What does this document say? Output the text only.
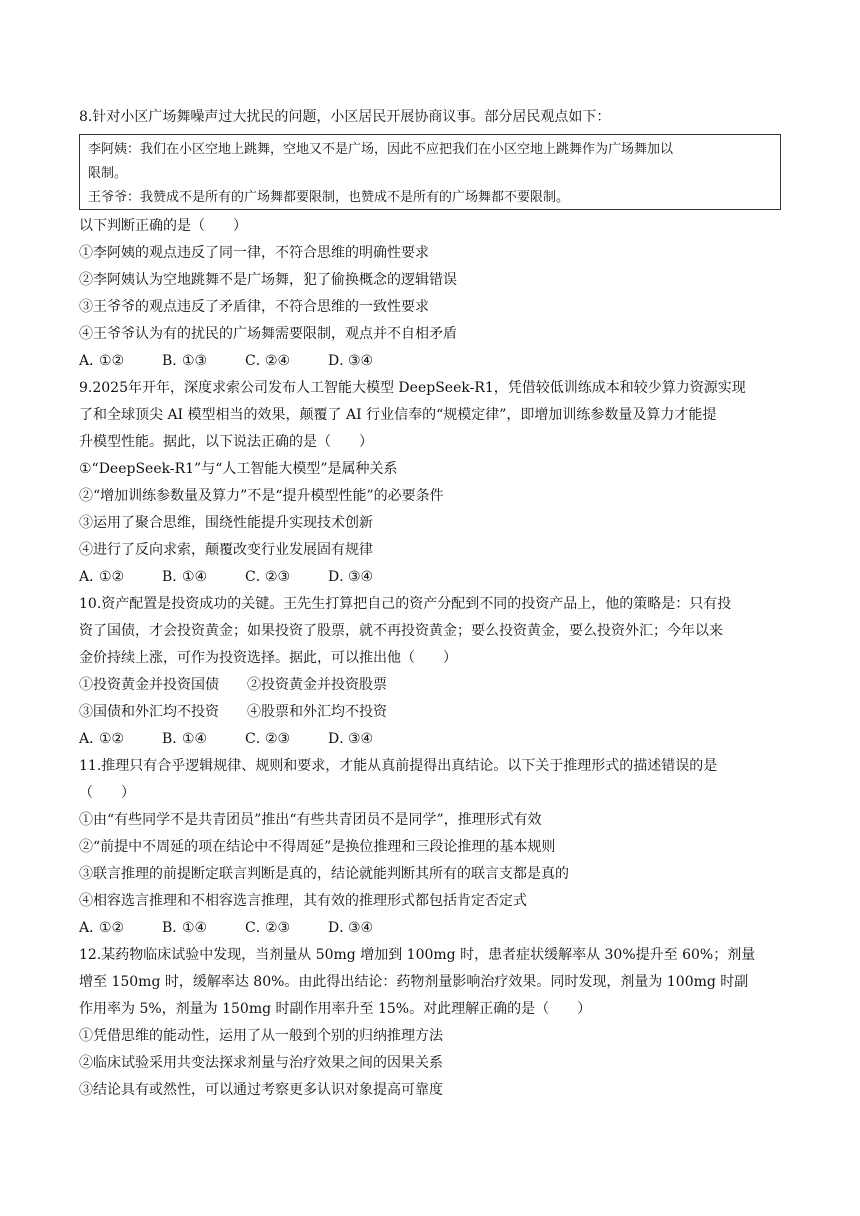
8.针对小区广场舞噪声过大扰民的问题，小区居民开展协商议事。部分居民观点如下：
李阿姨：我们在小区空地上跳舞，空地又不是广场，因此不应把我们在小区空地上跳舞作为广场舞加以
限制。
王爷爷：我赞成不是所有的广场舞都要限制，也赞成不是所有的广场舞都不要限制。
以下判断正确的是（　　）
①李阿姨的观点违反了同一律，不符合思维的明确性要求
②李阿姨认为空地跳舞不是广场舞，犯了偷换概念的逻辑错误
③王爷爷的观点违反了矛盾律，不符合思维的一致性要求
④王爷爷认为有的扰民的广场舞需要限制，观点并不自相矛盾
A．①②	B．①③	C．②④	D．③④
9.2025年开年，深度求索公司发布人工智能大模型 DeepSeek-R1，凭借较低训练成本和较少算力资源实现
了和全球顶尖 AI 模型相当的效果，颠覆了 AI 行业信奉的“规模定律”，即增加训练参数量及算力才能提
升模型性能。据此，以下说法正确的是（　　）
①“DeepSeek-R1”与“人工智能大模型”是属种关系
②“增加训练参数量及算力”不是“提升模型性能”的必要条件
③运用了聚合思维，围绕性能提升实现技术创新
④进行了反向求索，颠覆改变行业发展固有规律
A．①②	B．①④	C．②③	D．③④
10.资产配置是投资成功的关键。王先生打算把自己的资产分配到不同的投资产品上，他的策略是：只有投
资了国债，才会投资黄金；如果投资了股票，就不再投资黄金；要么投资黄金，要么投资外汇；今年以来
金价持续上涨，可作为投资选择。据此，可以推出他（　　）
①投资黄金并投资国债　　②投资黄金并投资股票
③国债和外汇均不投资　　④股票和外汇均不投资
A．①②	B．①④	C．②③	D．③④
11.推理只有合乎逻辑规律、规则和要求，才能从真前提得出真结论。以下关于推理形式的描述错误的是
（　　）
①由“有些同学不是共青团员”推出“有些共青团员不是同学”，推理形式有效
②“前提中不周延的项在结论中不得周延”是换位推理和三段论推理的基本规则
③联言推理的前提断定联言判断是真的，结论就能判断其所有的联言支都是真的
④相容选言推理和不相容选言推理，其有效的推理形式都包括肯定否定式
A．①②	B．①④	C．②③	D．③④
12.某药物临床试验中发现，当剂量从 50mg 增加到 100mg 时，患者症状缓解率从 30%提升至 60%；剂量
增至 150mg 时，缓解率达 80%。由此得出结论：药物剂量影响治疗效果。同时发现，剂量为 100mg 时副
作用率为 5%，剂量为 150mg 时副作用率升至 15%。对此理解正确的是（　　）
①凭借思维的能动性，运用了从一般到个别的归纳推理方法
②临床试验采用共变法探求剂量与治疗效果之间的因果关系
③结论具有或然性，可以通过考察更多认识对象提高可靠度
